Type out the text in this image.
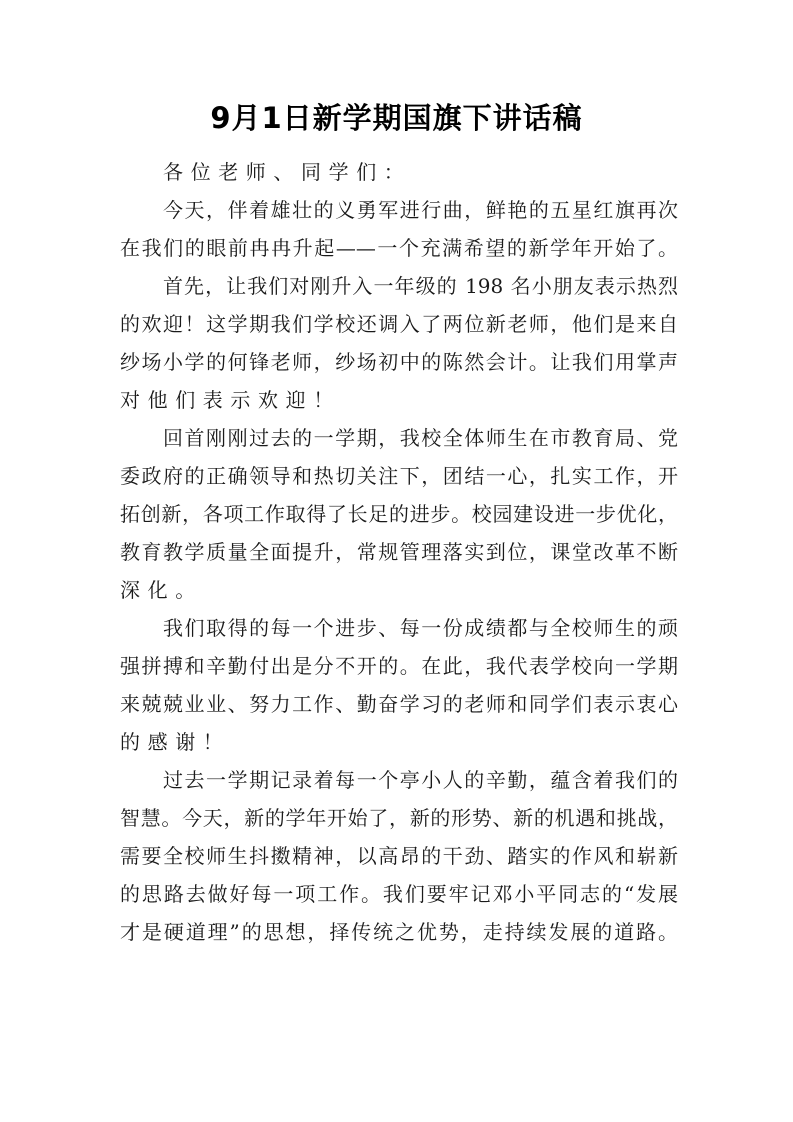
9月1日新学期国旗下讲话稿
各位老师、同学们：
今天，伴着雄壮的义勇军进行曲，鲜艳的五星红旗再次
在我们的眼前冉冉升起——一个充满希望的新学年开始了。
首先，让我们对刚升入一年级的 198 名小朋友表示热烈
的欢迎！这学期我们学校还调入了两位新老师，他们是来自
纱场小学的何锋老师，纱场初中的陈然会计。让我们用掌声
对他们表示欢迎！
回首刚刚过去的一学期，我校全体师生在市教育局、党
委政府的正确领导和热切关注下，团结一心，扎实工作，开
拓创新，各项工作取得了长足的进步。校园建设进一步优化，
教育教学质量全面提升，常规管理落实到位，课堂改革不断
深化。
我们取得的每一个进步、每一份成绩都与全校师生的顽
强拼搏和辛勤付出是分不开的。在此，我代表学校向一学期
来兢兢业业、努力工作、勤奋学习的老师和同学们表示衷心
的感谢！
过去一学期记录着每一个亭小人的辛勤，蕴含着我们的
智慧。今天，新的学年开始了，新的形势、新的机遇和挑战，
需要全校师生抖擞精神，以高昂的干劲、踏实的作风和崭新
的思路去做好每一项工作。我们要牢记邓小平同志的“发展
才是硬道理”的思想，择传统之优势，走持续发展的道路。
